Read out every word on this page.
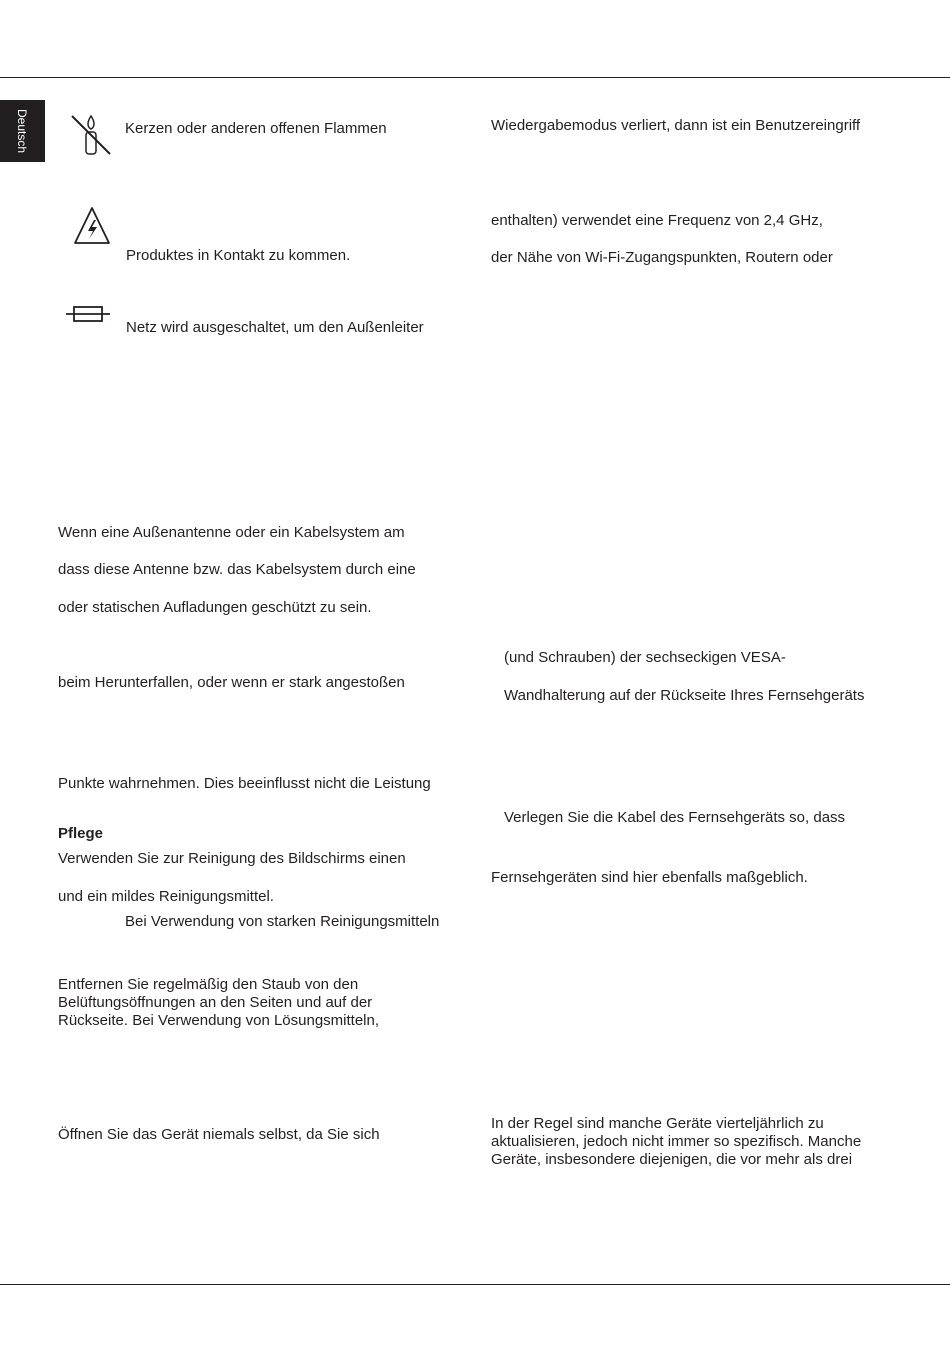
Deutsch	Kerzen oder anderen offenen Flammen
Produktes in Kontakt zu kommen.
Netz wird ausgeschaltet, um den Außenleiter
Wenn eine Außenantenne oder ein Kabelsystem am
dass diese Antenne bzw. das Kabelsystem durch eine
oder statischen Aufladungen geschützt zu sein.
beim Herunterfallen, oder wenn er stark angestoßen
Punkte wahrnehmen. Dies beeinflusst nicht die Leistung
Pflege
Verwenden Sie zur Reinigung des Bildschirms einen
und ein mildes Reinigungsmittel.
Bei Verwendung von starken Reinigungsmitteln
Entfernen Sie regelmäßig den Staub von den
Belüftungsöffnungen an den Seiten und auf der
Rückseite. Bei Verwendung von Lösungsmitteln,
Öffnen Sie das Gerät niemals selbst, da Sie sich
Wiedergabemodus verliert, dann ist ein Benutzereingriff
enthalten) verwendet eine Frequenz von 2,4 GHz,
der Nähe von Wi-Fi-Zugangspunkten, Routern oder
(und Schrauben) der sechseckigen VESA-
Wandhalterung auf der Rückseite Ihres Fernsehgeräts
Verlegen Sie die Kabel des Fernsehgeräts so, dass
Fernsehgeräten sind hier ebenfalls maßgeblich.
In der Regel sind manche Geräte vierteljährlich zu
aktualisieren, jedoch nicht immer so spezifisch. Manche
Geräte, insbesondere diejenigen, die vor mehr als drei
